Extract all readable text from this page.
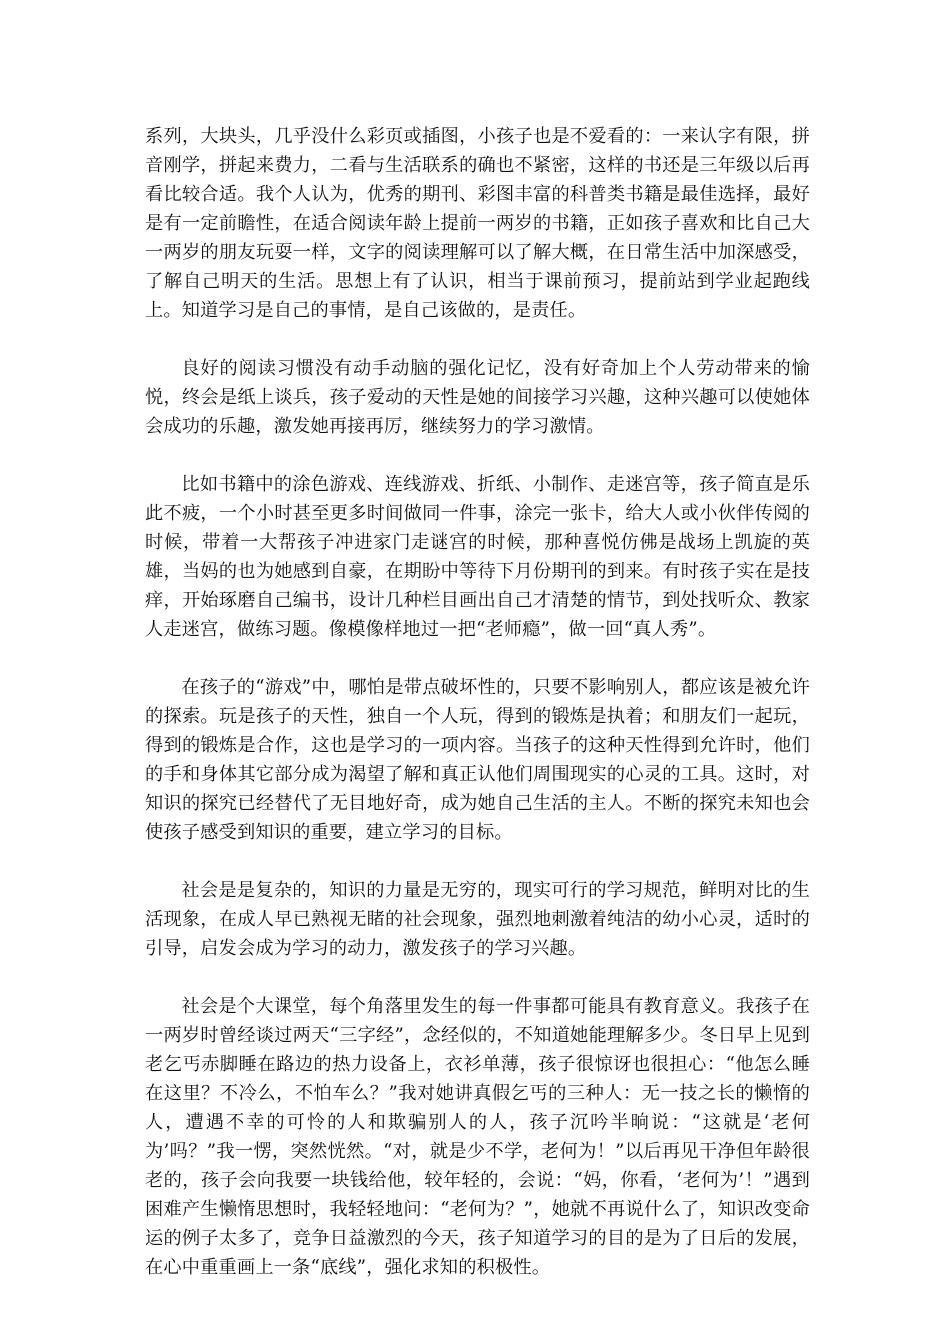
系列，大块头，几乎没什么彩页或插图，小孩子也是不爱看的：一来认字有限，拼音刚学，拼起来费力，二看与生活联系的确也不紧密，这样的书还是三年级以后再看比较合适。我个人认为，优秀的期刊、彩图丰富的科普类书籍是最佳选择，最好是有一定前瞻性，在适合阅读年龄上提前一两岁的书籍，正如孩子喜欢和比自己大一两岁的朋友玩耍一样，文字的阅读理解可以了解大概，在日常生活中加深感受，了解自己明天的生活。思想上有了认识，相当于课前预习，提前站到学业起跑线上。知道学习是自己的事情，是自己该做的，是责任。

良好的阅读习惯没有动手动脑的强化记忆，没有好奇加上个人劳动带来的愉悦，终会是纸上谈兵，孩子爱动的天性是她的间接学习兴趣，这种兴趣可以使她体会成功的乐趣，激发她再接再厉，继续努力的学习激情。

比如书籍中的涂色游戏、连线游戏、折纸、小制作、走迷宫等，孩子简直是乐此不疲，一个小时甚至更多时间做同一件事，涂完一张卡，给大人或小伙伴传阅的时候，带着一大帮孩子冲进家门走谜宫的时候，那种喜悦仿佛是战场上凯旋的英雄，当妈的也为她感到自豪，在期盼中等待下月份期刊的到来。有时孩子实在是技痒，开始琢磨自己编书，设计几种栏目画出自己才清楚的情节，到处找听众、教家人走迷宫，做练习题。像模像样地过一把“老师瘾”，做一回“真人秀”。

在孩子的“游戏”中，哪怕是带点破坏性的，只要不影响别人，都应该是被允许的探索。玩是孩子的天性，独自一个人玩，得到的锻炼是执着；和朋友们一起玩，得到的锻炼是合作，这也是学习的一项内容。当孩子的这种天性得到允许时，他们的手和身体其它部分成为渴望了解和真正认他们周围现实的心灵的工具。这时，对知识的探究已经替代了无目地好奇，成为她自己生活的主人。不断的探究未知也会使孩子感受到知识的重要，建立学习的目标。

社会是是复杂的，知识的力量是无穷的，现实可行的学习规范，鲜明对比的生活现象，在成人早已熟视无睹的社会现象，强烈地刺激着纯洁的幼小心灵，适时的引导，启发会成为学习的动力，激发孩子的学习兴趣。

社会是个大课堂，每个角落里发生的每一件事都可能具有教育意义。我孩子在一两岁时曾经谈过两天“三字经”，念经似的，不知道她能理解多少。冬日早上见到老乞丐赤脚睡在路边的热力设备上，衣衫单薄，孩子很惊讶也很担心：“他怎么睡在这里？不冷么，不怕车么？”我对她讲真假乞丐的三种人：无一技之长的懒惰的人，遭遇不幸的可怜的人和欺骗别人的人，孩子沉吟半晌说：“这就是‘老何为’吗？”我一愣，突然恍然。“对，就是少不学，老何为！”以后再见干净但年龄很老的，孩子会向我要一块钱给他，较年轻的，会说：“妈，你看，‘老何为’！”遇到困难产生懒惰思想时，我轻轻地问：“老何为？”，她就不再说什么了，知识改变命运的例子太多了，竞争日益激烈的今天，孩子知道学习的目的是为了日后的发展，在心中重重画上一条“底线”，强化求知的积极性。
